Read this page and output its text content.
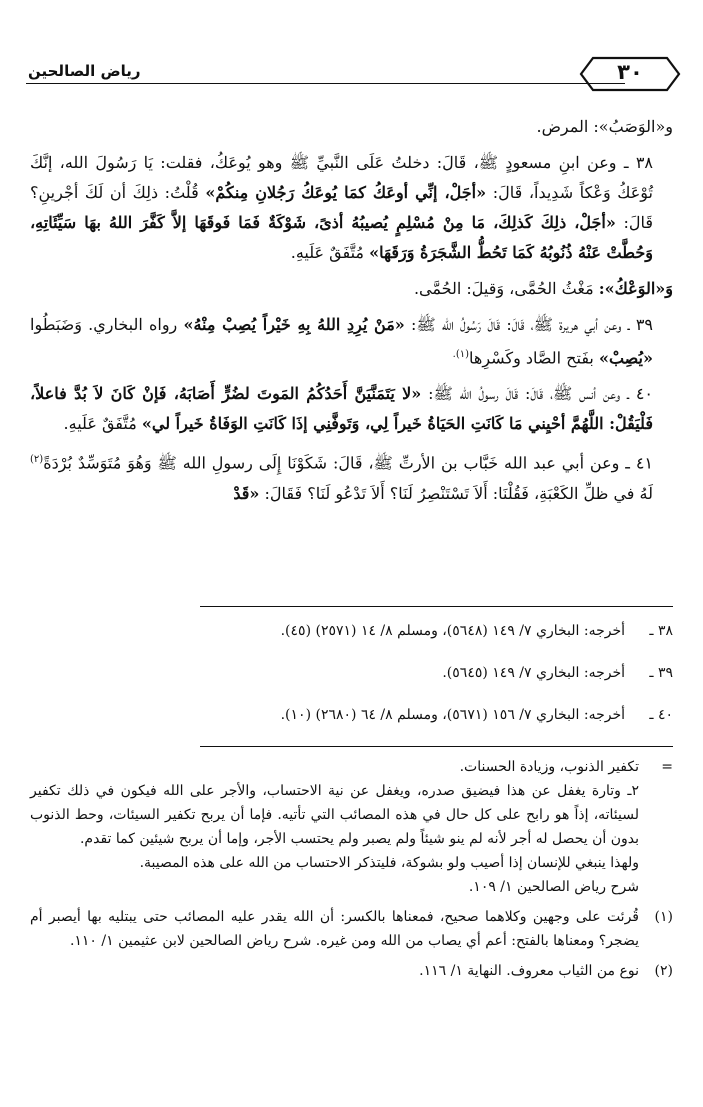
٣٠
رياض الصالحين

و«الوَصَبُ»: المرض.

٣٨ ـ وعن ابنِ مسعودٍ ﷺ، قَالَ: دخلتُ عَلَى النَّبيِّ ﷺ وهو يُوعَكُ، فقلت: يَا رَسُولَ الله، إنَّكَ تُوْعَكُ وَعْكاً شَدِيداً، قَالَ: «أجَلْ، إنِّي أوعَكُ كمَا يُوعَكُ رَجُلانِ مِنكُمْ» قُلْتُ: ذلِكَ أن لَكَ أجْرينِ؟ قَالَ: «أجَلْ، ذلِكَ كَذلِكَ، مَا مِنْ مُسْلِمٍ يُصيبُهُ أذىً، شَوْكَةٌ فَمَا فَوقَهَا إلاَّ كَفَّرَ اللهُ بهَا سَيِّئَاتِهِ، وَحُطَّتْ عَنْهُ ذُنُوبُهُ كَمَا تَحُطُّ الشَّجَرَةُ وَرَقَهَا» مُتَّفَقٌ عَلَيهِ.

وَ«الوَعْكُ»: مَغْثُ الحُمَّى، وَقيلَ: الحُمَّى.

٣٩ ـ وعن أبي هريرة ﷺ، قَالَ: قَالَ رَسُولُ الله ﷺ: «مَنْ يُرِدِ اللهُ بِهِ خَيْراً يُصِبْ مِنْهُ» رواه البخاري. وَضَبَطُوا «يُصِبْ» بفَتح الصَّاد وكَسْرِها$^{(١).}$

٤٠ ـ وعن أنس ﷺ، قَالَ: قَالَ رسولُ الله ﷺ: «لا يَتَمَنَّيَنَّ أَحَدُكُمُ المَوتَ لضُرٍّ أَصَابَهُ، فَإنْ كَانَ لاَ بُدَّ فاعلاً، فَلْيَقُلْ: اللَّهُمَّ أحْيِني مَا كَانَتِ الحَيَاةُ خَيراً لِي، وَتَوفَّنِي إذَا كَانَتِ الوَفَاةُ خَيراً لي» مُتَّفَقٌ عَلَيهِ.

٤١ ـ وعن أبي عبد الله خَبَّاب بن الأرتِّ ﷺ، قَالَ: شَكَوْنَا إِلَى رسولِ الله ﷺ وَهُوَ مُتَوَسِّدٌ بُرْدَةً$^{(٢)}$ لَهُ في ظلِّ الكَعْبَةِ، فَقُلْنَا: أَلاَ تَسْتَنْصِرُ لَنَا؟ أَلاَ تَدْعُو لَنَا؟ فَقَالَ: «قَدْ

٣٨ ـ
أخرجه: البخاري ٧/ ١٤٩ (٥٦٤٨)، ومسلم ٨/ ١٤ (٢٥٧١) (٤٥).
٣٩ ـ
أخرجه: البخاري ٧/ ١٤٩ (٥٦٤٥).
٤٠ ـ
أخرجه: البخاري ٧/ ١٥٦ (٥٦٧١)، ومسلم ٨/ ٦٤ (٢٦٨٠) (١٠).
=

تكفير الذنوب، وزيادة الحسنات.

٢ـ وتارة يغفل عن هذا فيضيق صدره، ويغفل عن نية الاحتساب، والأجر على الله فيكون في ذلك تكفير لسيئاته، إذاً هو رابح على كل حال في هذه المصائب التي تأتيه. فإما أن يربح تكفير السيئات، وحط الذنوب بدون أن يحصل له أجر لأنه لم ينو شيئاً ولم يصبر ولم يحتسب الأجر، وإما أن يربح شيئين كما تقدم.

ولهذا ينبغي للإنسان إذا أصيب ولو بشوكة، فليتذكر الاحتساب من الله على هذه المصيبة.

شرح رياض الصالحين ١/ ١٠٩.

(١)

قُرئت على وجهين وكلاهما صحيح، فمعناها بالكسر: أن الله يقدر عليه المصائب حتى يبتليه بها أيصبر أم يضجر؟ ومعناها بالفتح: أعم أي يصاب من الله ومن غيره. شرح رياض الصالحين لابن عثيمين ١/ ١١٠.

(٢)

نوع من الثياب معروف. النهاية ١/ ١١٦.
